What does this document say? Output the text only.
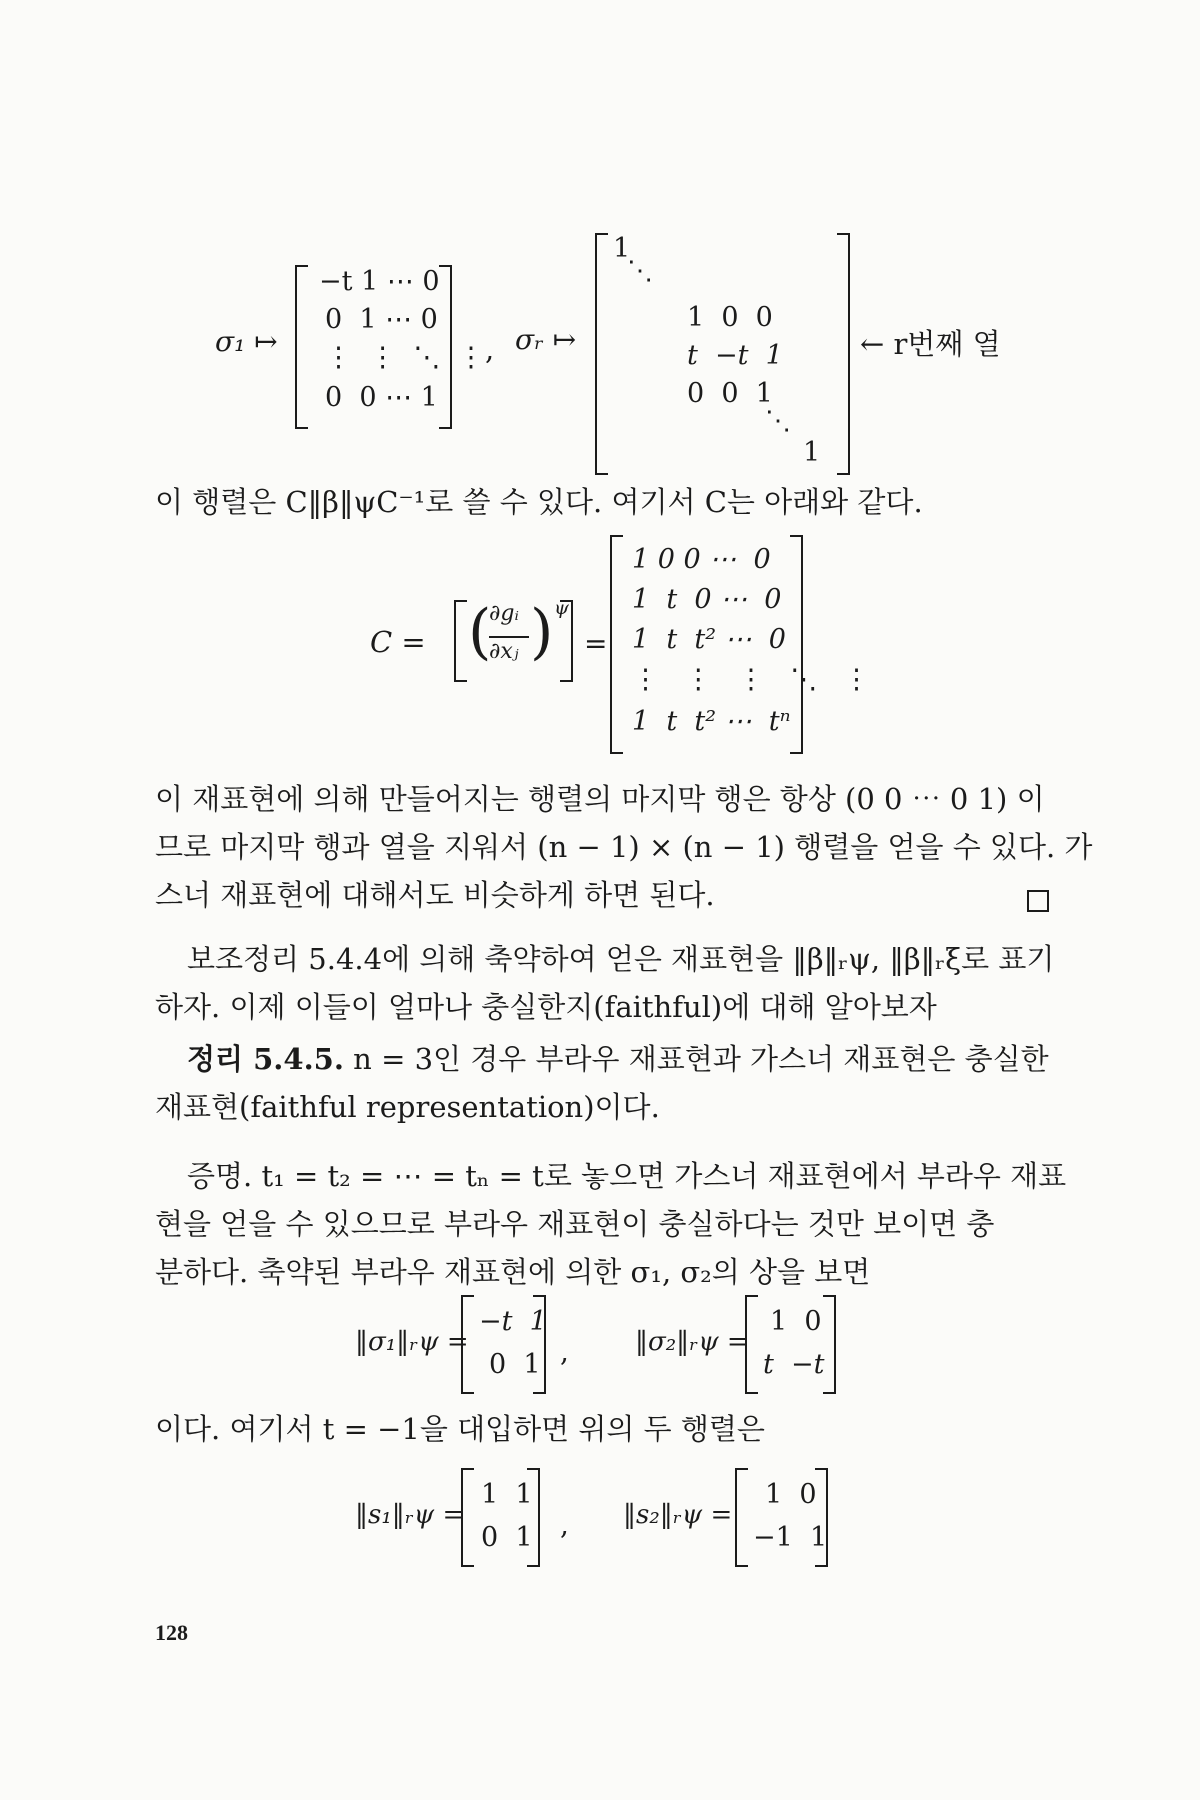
σ₁ ↦
−t 1 ⋯ 0
0  1 ⋯ 0
⋮  ⋮  ⋱  ⋮
0  0 ⋯ 1
, σᵣ ↦
1
⋱
1  0  0
t  −t  1
0  0  1
⋱
1
← r번째 열
이 행렬은 C‖β‖ψC⁻¹로 쓸 수 있다. 여기서 C는 아래와 같다.
C = (
∂gᵢ
∂xⱼ ) ψ
=
1 0 0 ⋯  0
1  t  0 ⋯  0
1  t  t² ⋯  0
⋮   ⋮   ⋮   ⋱   ⋮
1  t  t² ⋯  tⁿ
이 재표현에 의해 만들어지는 행렬의 마지막 행은 항상 (0 0 ⋯ 0 1) 이
므로 마지막 행과 열을 지워서 (n − 1) × (n − 1) 행렬을 얻을 수 있다. 가
스너 재표현에 대해서도 비슷하게 하면 된다.
보조정리 5.4.4에 의해 축약하여 얻은 재표현을 ‖β‖ᵣψ, ‖β‖ᵣξ로 표기
하자. 이제 이들이 얼마나 충실한지(faithful)에 대해 알아보자
정리 5.4.5. n = 3인 경우 부라우 재표현과 가스너 재표현은 충실한
재표현(faithful representation)이다.
증명. t₁ = t₂ = ⋯ = tₙ = t로 놓으면 가스너 재표현에서 부라우 재표
현을 얻을 수 있으므로 부라우 재표현이 충실하다는 것만 보이면 충
분하다. 축약된 부라우 재표현에 의한 σ₁, σ₂의 상을 보면
‖σ₁‖ᵣψ =
−t  1
0  1 ,	‖σ₂‖ᵣψ =
1  0
t  −t
이다. 여기서 t = −1을 대입하면 위의 두 행렬은
‖s₁‖ᵣψ =
1  1
0  1 , ‖s₂‖ᵣψ =
1  0
−1  1
128
